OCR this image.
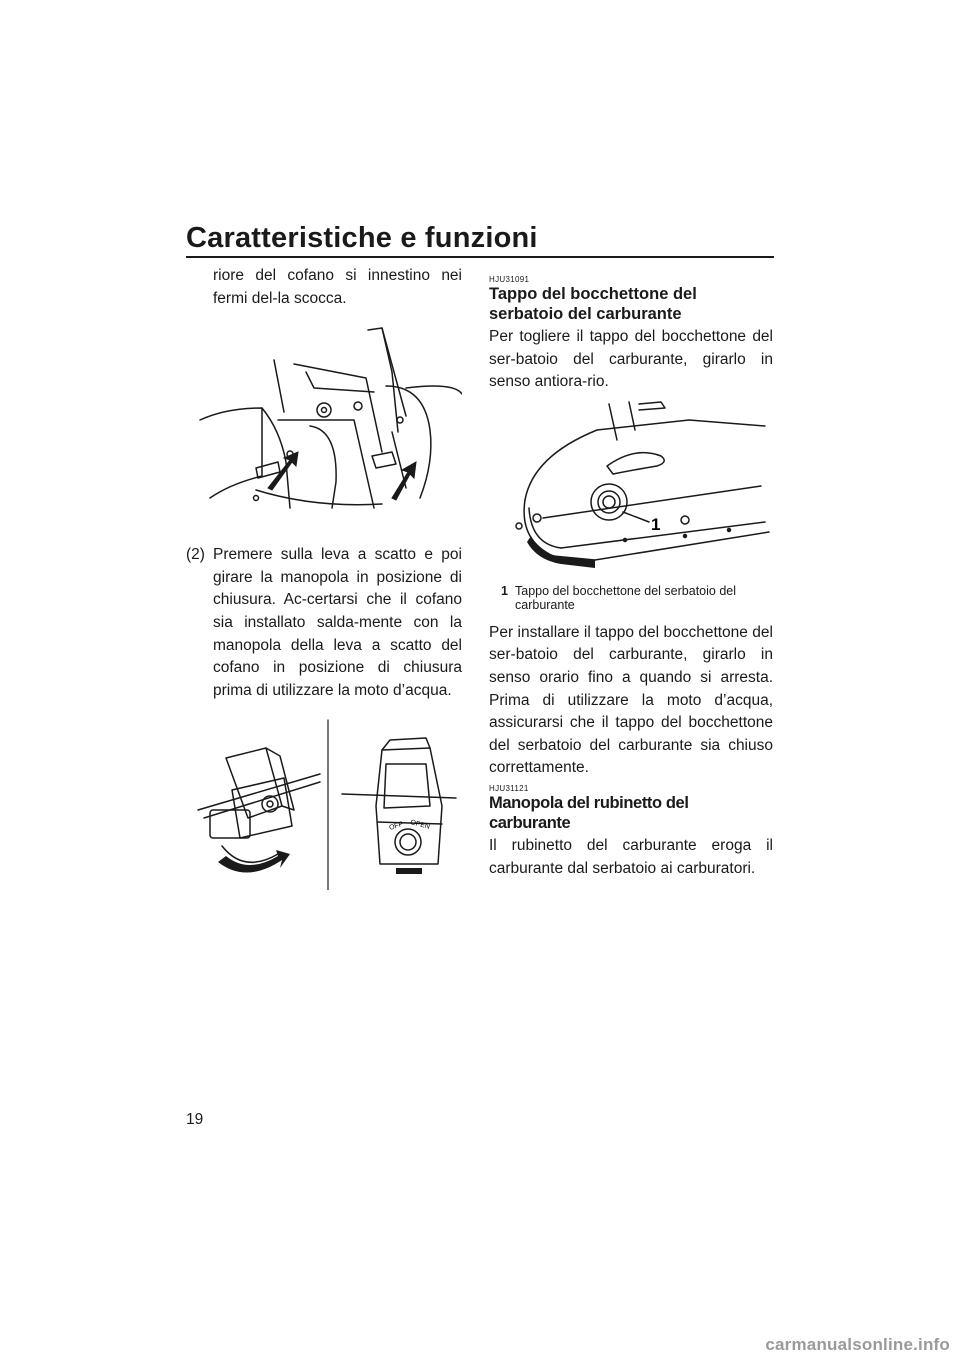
Caratteristiche e funzioni
riore del cofano si innestino nei fermi del-la scocca.
(2) Premere sulla leva a scatto e poi girare la manopola in posizione di chiusura. Ac-certarsi che il cofano sia installato salda-mente con la manopola della leva a scatto del cofano in posizione di chiusura prima di utilizzare la moto d’acqua.
OFF OPEN
HJU31091
Tappo del bocchettone del serbatoio del carburante
Per togliere il tappo del bocchettone del ser-batoio del carburante, girarlo in senso antiora-rio.
1
1 Tappo del bocchettone del serbatoio del carburante
Per installare il tappo del bocchettone del ser-batoio del carburante, girarlo in senso orario fino a quando si arresta. Prima di utilizzare la moto d’acqua, assicurarsi che il tappo del bocchettone del serbatoio del carburante sia chiuso correttamente.
HJU31121
Manopola del rubinetto del carburante
Il rubinetto del carburante eroga il carburante dal serbatoio ai carburatori.
19
carmanualsonline.info
